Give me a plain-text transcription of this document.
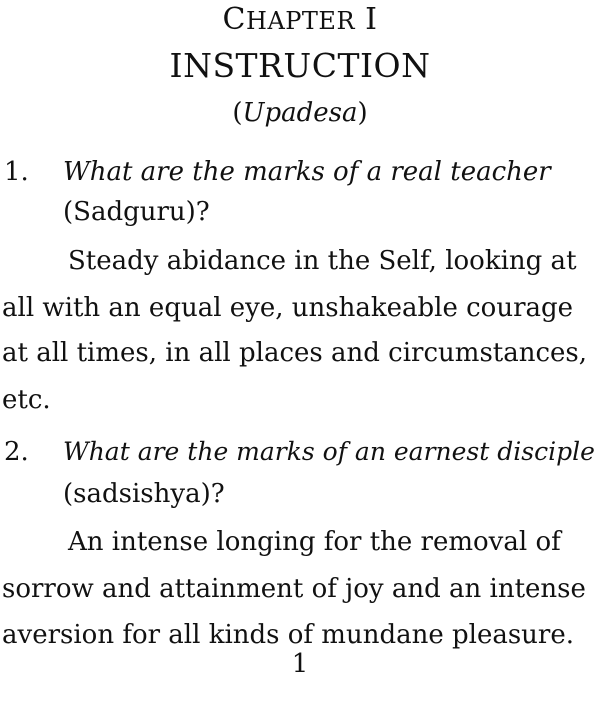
CHAPTER I
INSTRUCTION
(Upadesa)
1. What are the marks of a real teacher
(Sadguru)?
Steady abidance in the Self, looking at
all with an equal eye, unshakeable courage
at all times, in all places and circumstances,
etc.
2. What are the marks of an earnest disciple
(sadsishya)?
An intense longing for the removal of
sorrow and attainment of joy and an intense
aversion for all kinds of mundane pleasure.
1
